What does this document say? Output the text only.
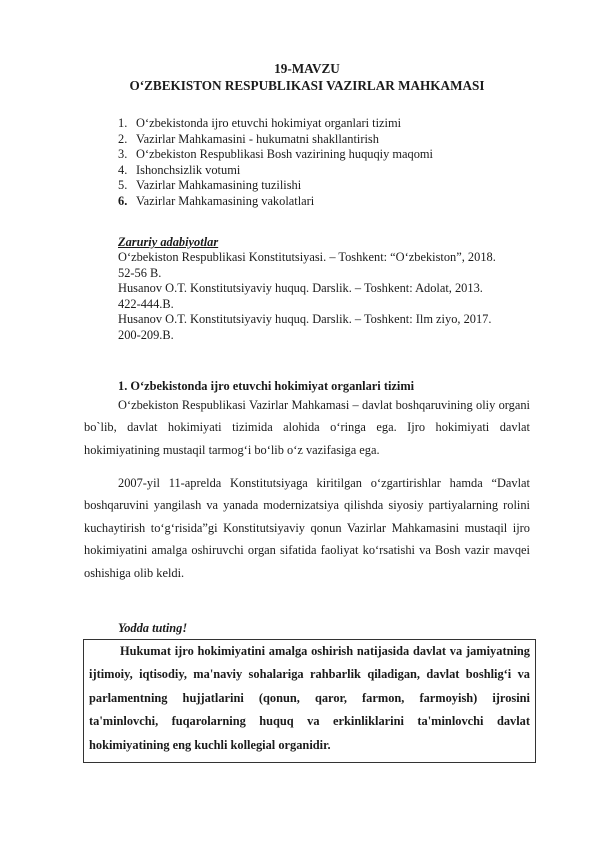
19-MAVZU
O‘ZBEKISTON RESPUBLIKASI VAZIRLAR MAHKAMASI
1. O‘zbekistonda ijro etuvchi hokimiyat organlari tizimi
2. Vazirlar Mahkamasini - hukumatni shakllantirish
3. O‘zbekiston Respublikasi Bosh vazirining huquqiy maqomi
4. Ishonchsizlik votumi
5. Vazirlar Mahkamasining tuzilishi
6. Vazirlar Mahkamasining vakolatlari
Zaruriy adabiyotlar
O‘zbekiston Respublikasi Konstitutsiyasi. – Toshkent: “O‘zbekiston”, 2018.
52-56 B.
Husanov O.T. Konstitutsiyaviy huquq. Darslik. – Toshkent: Adolat, 2013.
422-444.B.
Husanov O.T. Konstitutsiyaviy huquq. Darslik. – Toshkent: Ilm ziyo, 2017.
200-209.B.
1. O‘zbekistonda ijro etuvchi hokimiyat organlari tizimi

O‘zbekiston Respublikasi Vazirlar Mahkamasi – davlat boshqaruvining oliy organi bo`lib, davlat hokimiyati tizimida alohida o‘ringa ega. Ijro hokimiyati davlat hokimiyatining mustaqil tarmog‘i bo‘lib o‘z vazifasiga ega.

2007-yil 11-aprelda Konstitutsiyaga kiritilgan o‘zgartirishlar hamda “Davlat boshqaruvini yangilash va yanada modernizatsiya qilishda siyosiy partiyalarning rolini kuchaytirish to‘g‘risida”gi Konstitutsiyaviy qonun Vazirlar Mahkamasini mustaqil ijro hokimiyatini amalga oshiruvchi organ sifatida faoliyat ko‘rsatishi va Bosh vazir mavqei oshishiga olib keldi.

Yodda tuting!

Hukumat ijro hokimiyatini amalga oshirish natijasida davlat va jamiyatning ijtimoiy, iqtisodiy, ma'naviy sohalariga rahbarlik qiladigan, davlat boshlig‘i va parlamentning hujjatlarini (qonun, qaror, farmon, farmoyish) ijrosini ta'minlovchi, fuqarolarning huquq va erkinliklarini ta'minlovchi davlat hokimiyatining eng kuchli kollegial organidir.
